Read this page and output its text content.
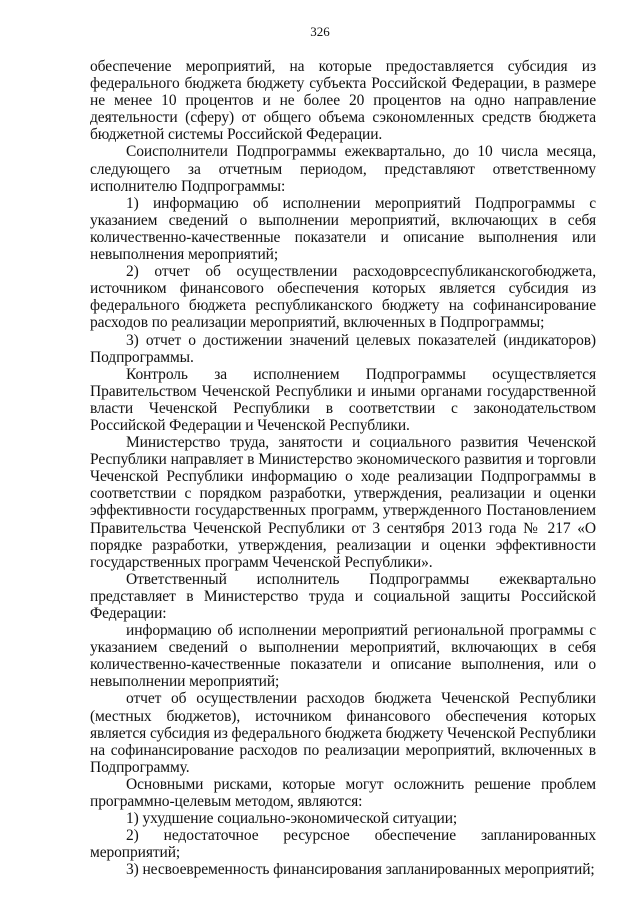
326

обеспечение мероприятий, на которые предоставляется субсидия из федерального бюджета бюджету субъекта Российской Федерации, в размере не менее 10 процентов и не более 20 процентов на одно направление деятельности (сферу) от общего объема сэкономленных средств бюджета бюджетной системы Российской Федерации.

Соисполнители Подпрограммы ежеквартально, до 10 числа месяца, следующего за отчетным периодом, представляют ответственному исполнителю Подпрограммы:

1) информацию об исполнении мероприятий Подпрограммы с указанием сведений о выполнении мероприятий, включающих в себя количественно-качественные показатели и описание выполнения или невыполнения мероприятий;

2) отчет об осуществлении расходоврсеспубликанскогобюджета, источником финансового обеспечения которых является субсидия из федерального бюджета республиканского бюджету на софинансирование расходов по реализации мероприятий, включенных в Подпрограммы;

3) отчет о достижении значений целевых показателей (индикаторов) Подпрограммы.

Контроль за исполнением Подпрограммы осуществляется Правительством Чеченской Республики и иными органами государственной власти Чеченской Республики в соответствии с законодательством Российской Федерации и Чеченской Республики.

Министерство труда, занятости и социального развития Чеченской Республики направляет в Министерство экономического развития и торговли Чеченской Республики информацию о ходе реализации Подпрограммы в соответствии с порядком разработки, утверждения, реализации и оценки эффективности государственных программ, утвержденного Постановлением Правительства Чеченской Республики от 3 сентября 2013 года № 217 «О порядке разработки, утверждения, реализации и оценки эффективности государственных программ Чеченской Республики».

Ответственный исполнитель Подпрограммы ежеквартально представляет в Министерство труда и социальной защиты Российской Федерации:

информацию об исполнении мероприятий региональной программы с указанием сведений о выполнении мероприятий, включающих в себя количественно-качественные показатели и описание выполнения, или о невыполнении мероприятий;

отчет об осуществлении расходов бюджета Чеченской Республики (местных бюджетов), источником финансового обеспечения которых является субсидия из федерального бюджета бюджету Чеченской Республики на софинансирование расходов по реализации мероприятий, включенных в Подпрограмму.

Основными рисками, которые могут осложнить решение проблем программно-целевым методом, являются:

1) ухудшение социально-экономической ситуации;

2) недостаточное ресурсное обеспечение запланированных мероприятий;

3) несвоевременность финансирования запланированных мероприятий;
